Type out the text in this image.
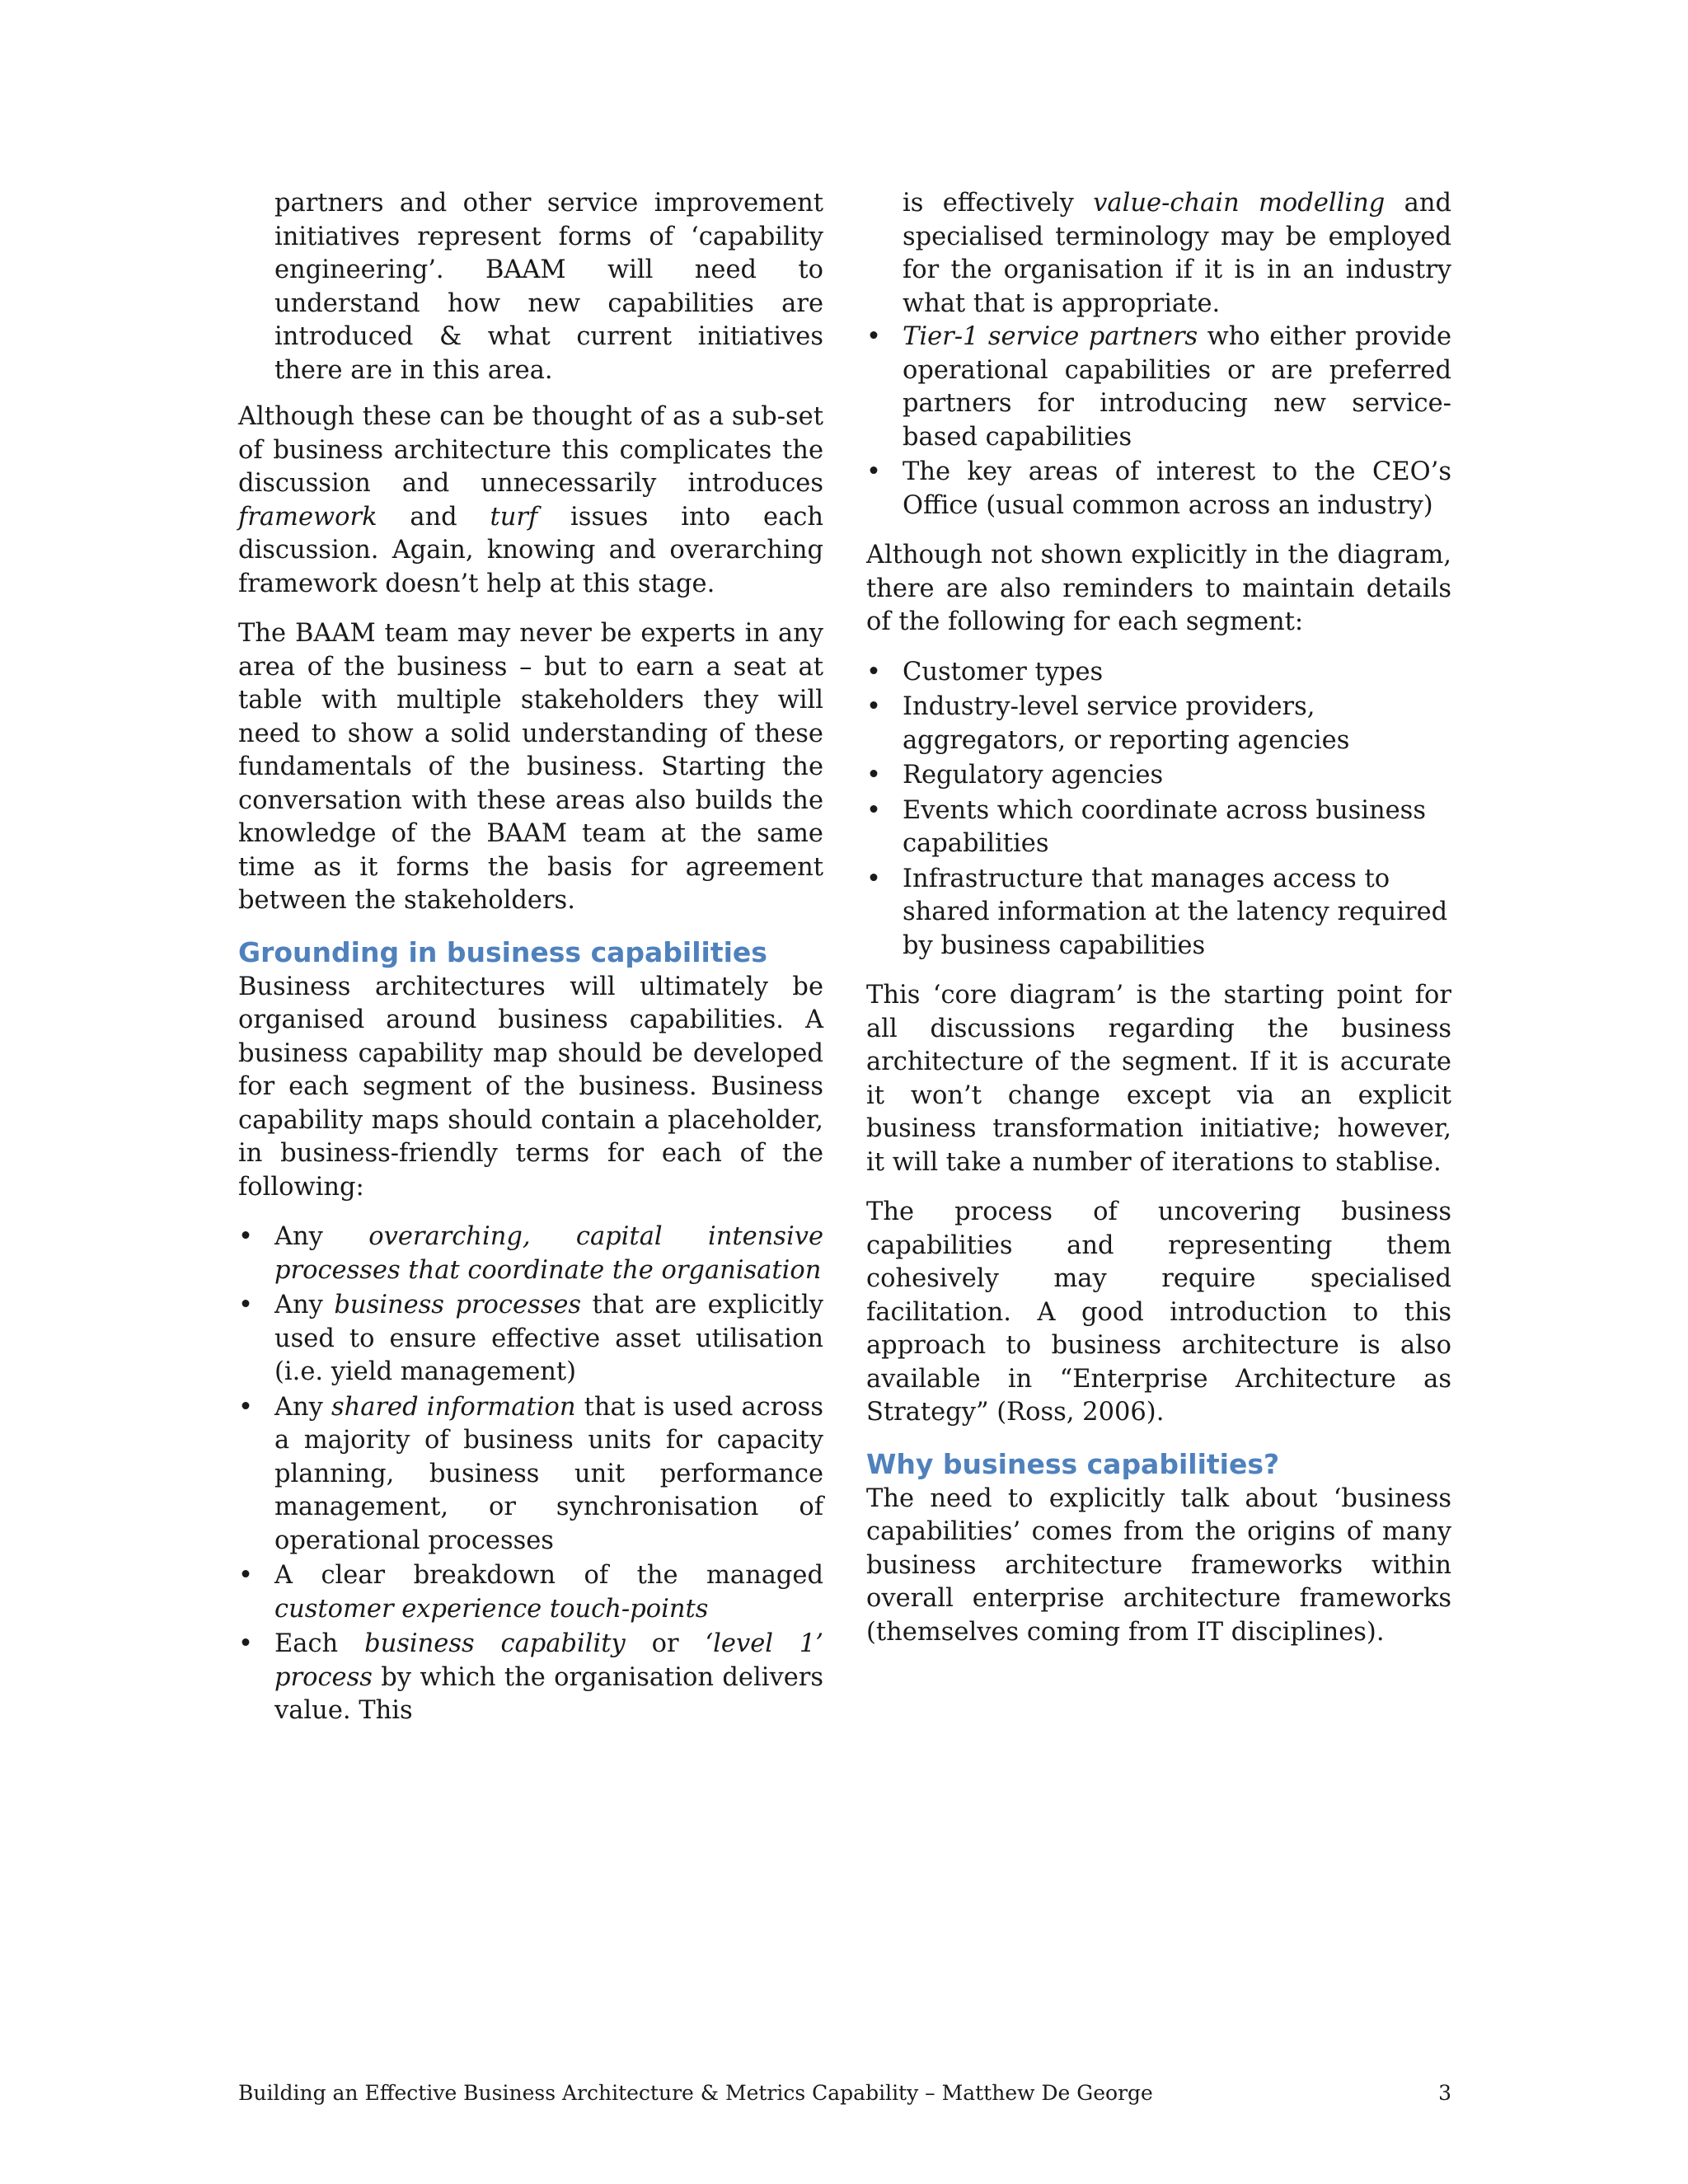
partners and other service improvement initiatives represent forms of ‘capability engineering’. BAAM will need to understand how new capabilities are introduced & what current initiatives there are in this area.

Although these can be thought of as a sub-set of business architecture this complicates the discussion and unnecessarily introduces framework and turf issues into each discussion. Again, knowing and overarching framework doesn’t help at this stage.

The BAAM team may never be experts in any area of the business – but to earn a seat at table with multiple stakeholders they will need to show a solid understanding of these fundamentals of the business. Starting the conversation with these areas also builds the knowledge of the BAAM team at the same time as it forms the basis for agreement between the stakeholders.

Grounding in business capabilities

Business architectures will ultimately be organised around business capabilities. A business capability map should be developed for each segment of the business. Business capability maps should contain a placeholder, in business-friendly terms for each of the following:

• Any overarching, capital intensive processes that coordinate the organisation
• Any business processes that are explicitly used to ensure effective asset utilisation (i.e. yield management)
• Any shared information that is used across a majority of business units for capacity planning, business unit performance management, or synchronisation of operational processes
• A clear breakdown of the managed customer experience touch-points
• Each business capability or ‘level 1’ process by which the organisation delivers value. This

is effectively value-chain modelling and specialised terminology may be employed for the organisation if it is in an industry what that is appropriate.

• Tier-1 service partners who either provide operational capabilities or are preferred partners for introducing new service-based capabilities
• The key areas of interest to the CEO’s Office (usual common across an industry)

Although not shown explicitly in the diagram, there are also reminders to maintain details of the following for each segment:

• Customer types
• Industry-level service providers, aggregators, or reporting agencies
• Regulatory agencies
• Events which coordinate across business capabilities
• Infrastructure that manages access to shared information at the latency required by business capabilities

This ‘core diagram’ is the starting point for all discussions regarding the business architecture of the segment. If it is accurate it won’t change except via an explicit business transformation initiative; however, it will take a number of iterations to stablise.

The process of uncovering business capabilities and representing them cohesively may require specialised facilitation. A good introduction to this approach to business architecture is also available in “Enterprise Architecture as Strategy” (Ross, 2006).

Why business capabilities?

The need to explicitly talk about ‘business capabilities’ comes from the origins of many business architecture frameworks within overall enterprise architecture frameworks (themselves coming from IT disciplines).

Building an Effective Business Architecture & Metrics Capability – Matthew De George	3
